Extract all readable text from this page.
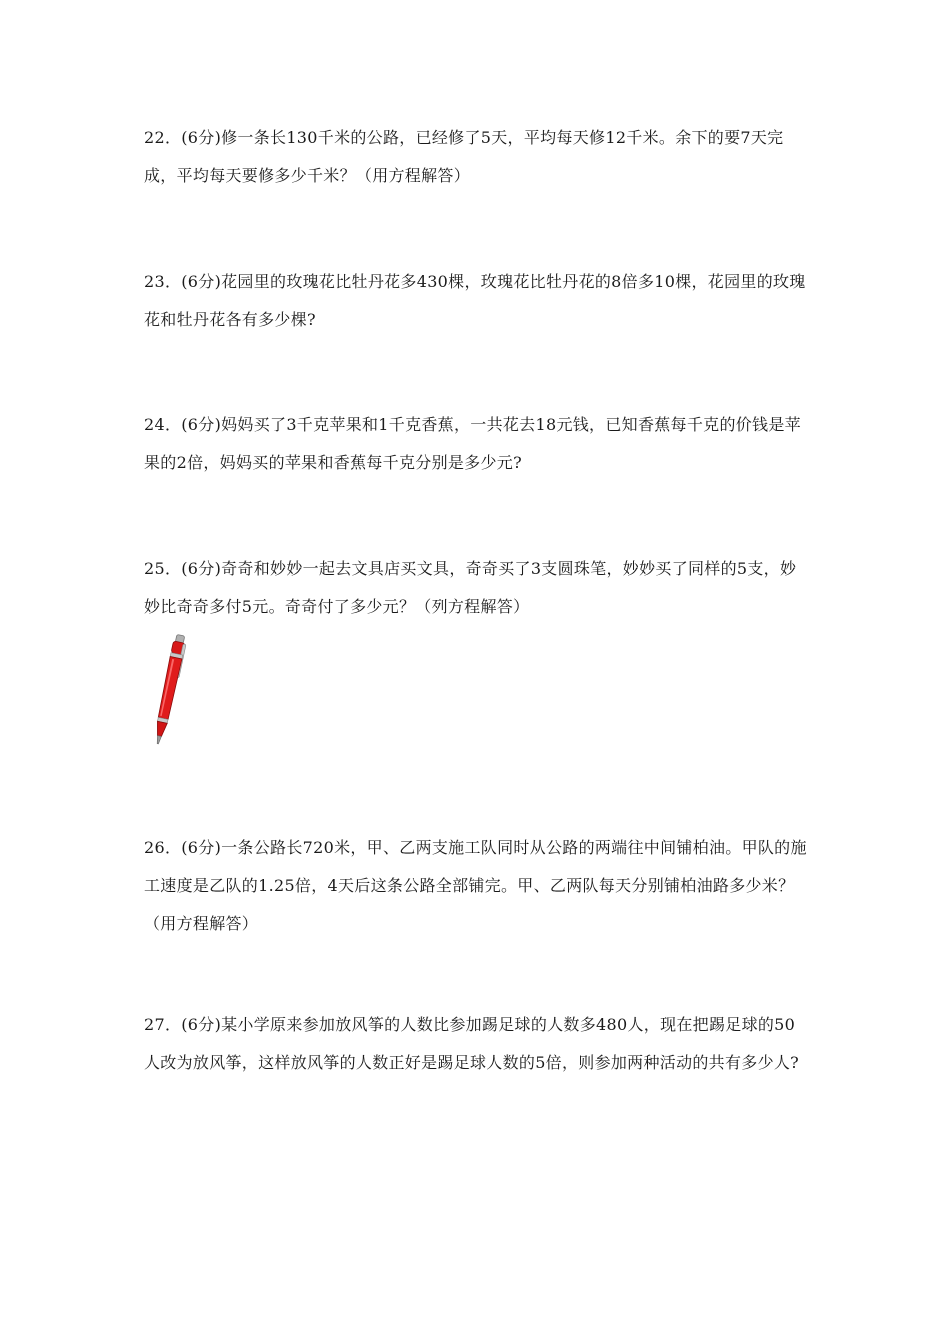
22．(6分)修一条长130千米的公路，已经修了5天，平均每天修12千米。余下的要7天完成，平均每天要修多少千米？（用方程解答）
23．(6分)花园里的玫瑰花比牡丹花多430棵，玫瑰花比牡丹花的8倍多10棵，花园里的玫瑰花和牡丹花各有多少棵?
24．(6分)妈妈买了3千克苹果和1千克香蕉，一共花去18元钱，已知香蕉每千克的价钱是苹果的2倍，妈妈买的苹果和香蕉每千克分别是多少元?
25．(6分)奇奇和妙妙一起去文具店买文具，奇奇买了3支圆珠笔，妙妙买了同样的5支，妙妙比奇奇多付5元。奇奇付了多少元？（列方程解答）
26．(6分)一条公路长720米，甲、乙两支施工队同时从公路的两端往中间铺柏油。甲队的施工速度是乙队的1.25倍，4天后这条公路全部铺完。甲、乙两队每天分别铺柏油路多少米？（用方程解答）
27．(6分)某小学原来参加放风筝的人数比参加踢足球的人数多480人，现在把踢足球的50人改为放风筝，这样放风筝的人数正好是踢足球人数的5倍，则参加两种活动的共有多少人?
